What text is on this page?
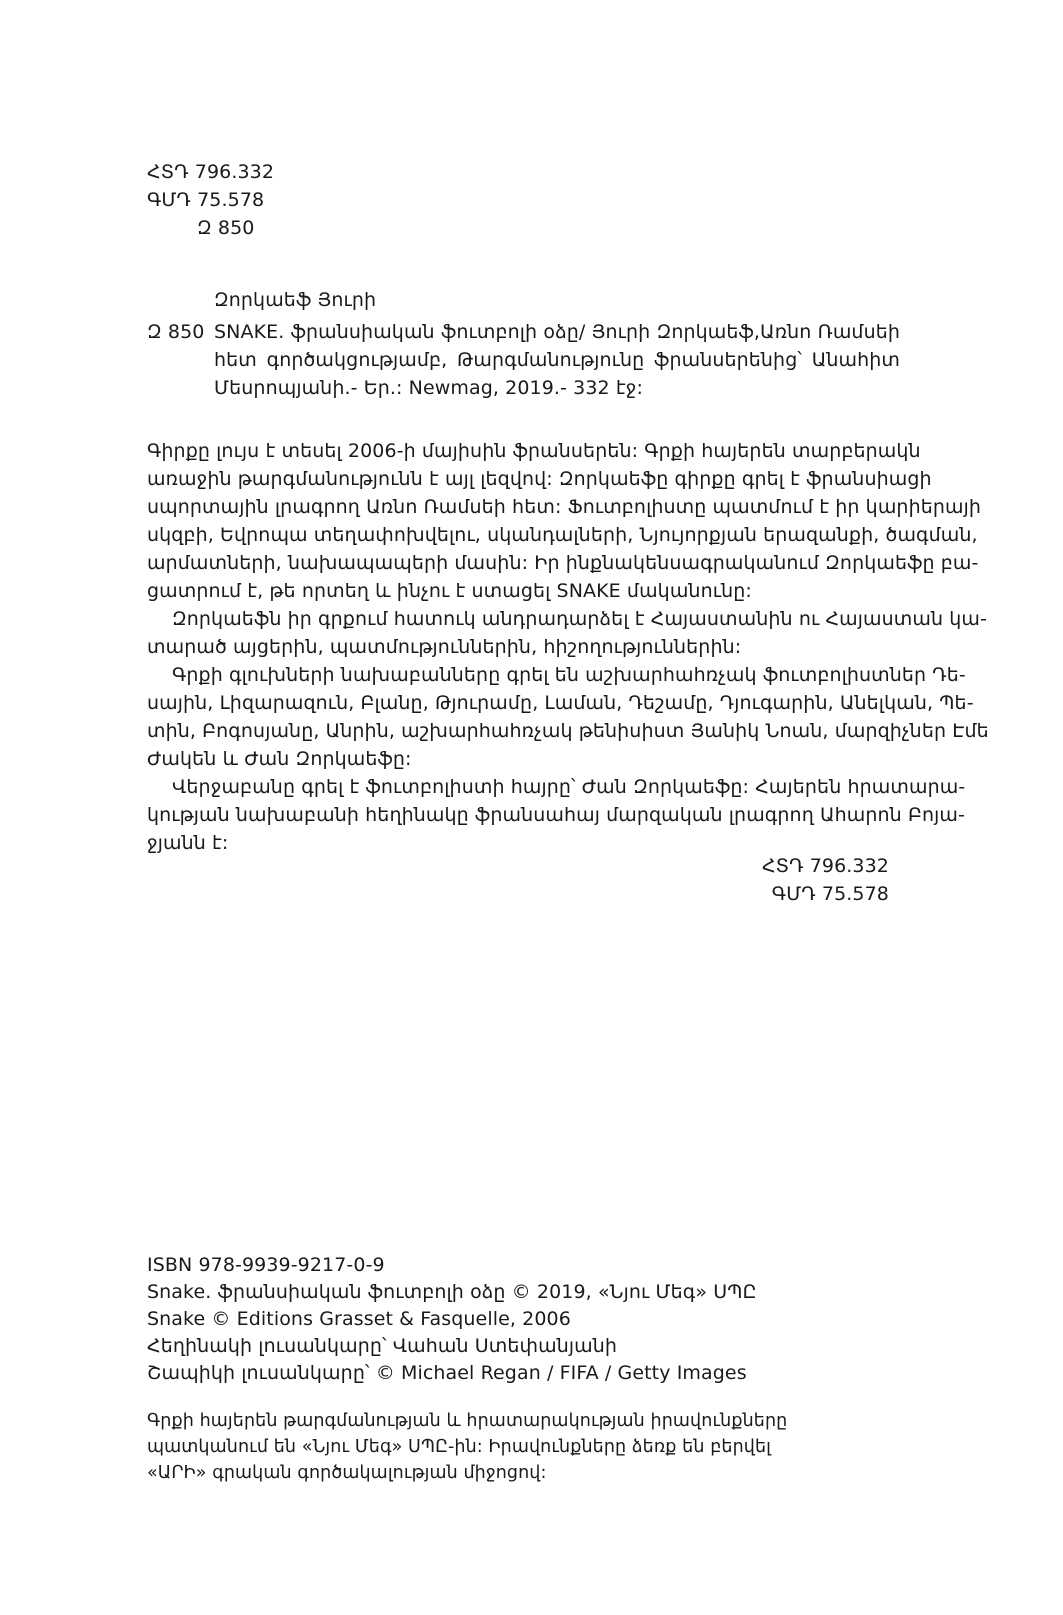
ՀՏԴ 796.332
ԳՄԴ 75.578
Զ 850
Զորկաեֆ Յուրի
Զ 850 SNAKE. ֆրանսիական ֆուտբոլի օձը/ Յուրի Զորկաեֆ,Առնո Ռամսեի
հետ գործակցությամբ, Թարգմանությունը ֆրանսերենից՝ Անահիտ
Մեսրոպյանի.- Եր.: Newmag, 2019.- 332 էջ:
Գիրքը լույս է տեսել 2006-ի մայիսին ֆրանսերեն: Գրքի հայերեն տարբերակն
առաջին թարգմանությունն է այլ լեզվով: Զորկաեֆը գիրքը գրել է ֆրանսիացի
սպորտային լրագրող Առնո Ռամսեի հետ: Ֆուտբոլիստը պատմում է իր կարիերայի
սկզբի, Եվրոպա տեղափոխվելու, սկանդալների, Նյույորքյան երազանքի, ծագման,
արմատների, նախապապերի մասին: Իր ինքնակենսագրականում Զորկաեֆը բա-
ցատրում է, թե որտեղ և ինչու է ստացել SNAKE մականունը:
Զորկաեֆն իր գրքում հատուկ անդրադարձել է Հայաստանին ու Հայաստան կա-
տարած այցերին, պատմություններին, հիշողություններին:
Գրքի գլուխների նախաբանները գրել են աշխարհահռչակ ֆուտբոլիստներ Դե-
սային, Լիզարազուն, Բլանը, Թյուրամը, Լաման, Դեշամը, Դյուգարին, Անելկան, Պե-
տին, Բոգոսյանը, Անրին, աշխարհահռչակ թենիսիստ Յանիկ Նոան, մարզիչներ Էմե
Ժակեն և Ժան Զորկաեֆը:
Վերջաբանը գրել է ֆուտբոլիստի հայրը՝ Ժան Զորկաեֆը: Հայերեն հրատարա-
կության նախաբանի հեղինակը ֆրանսահայ մարզական լրագրող Ահարոն Բոյա-
ջյանն է:
ՀՏԴ 796.332
ԳՄԴ 75.578
ISBN 978-9939-9217-0-9
Snake. ֆրանսիական ֆուտբոլի օձը © 2019, «Նյու Մեգ» ՍՊԸ
Snake © Editions Grasset & Fasquelle, 2006
Հեղինակի լուսանկարը՝ Վահան Ստեփանյանի
Շապիկի լուսանկարը՝ © Michael Regan / FIFA / Getty Images
Գրքի հայերեն թարգմանության և հրատարակության իրավունքները
պատկանում են «Նյու Մեգ» ՍՊԸ-ին: Իրավունքները ձեռք են բերվել
«ԱՐԻ» գրական գործակալության միջոցով:
